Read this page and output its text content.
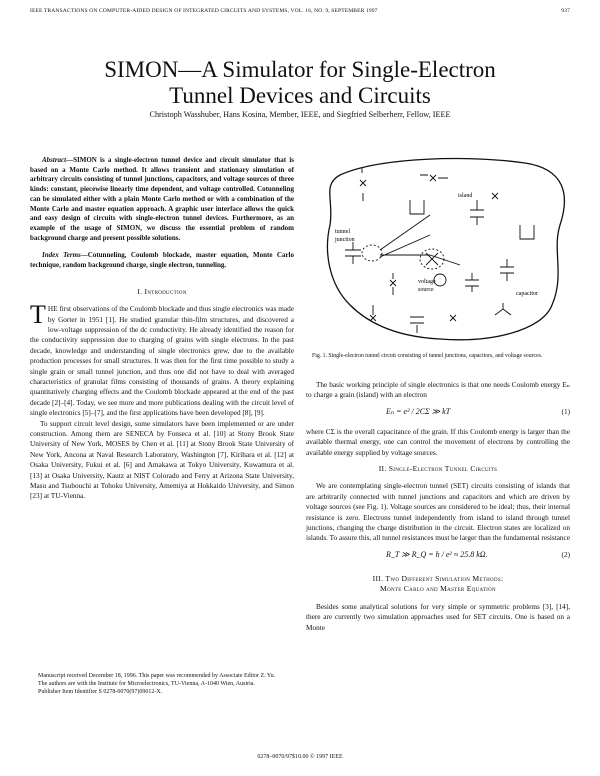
IEEE TRANSACTIONS ON COMPUTER-AIDED DESIGN OF INTEGRATED CIRCUITS AND SYSTEMS, VOL. 16, NO. 9, SEPTEMBER 1997	937
SIMON—A Simulator for Single-Electron
Tunnel Devices and Circuits
Christoph Wasshuber, Hans Kosina, Member, IEEE, and Siegfried Selberherr, Fellow, IEEE

Abstract—SIMON is a single-electron tunnel device and circuit simulator that is based on a Monte Carlo method. It allows transient and stationary simulation of arbitrary circuits consisting of tunnel junctions, capacitors, and voltage sources of three kinds: constant, piecewise linearly time dependent, and voltage controlled. Cotunneling can be simulated either with a plain Monte Carlo method or with a combination of the Monte Carlo and master equation approach. A graphic user interface allows the quick and easy design of circuits with single-electron tunnel devices. Furthermore, as an example of the usage of SIMON, we discuss the essential problem of random background charge and present possible solutions.

Index Terms—Cotunneling, Coulomb blockade, master equation, Monte Carlo technique, random background charge, single electron, tunneling.

I. Introduction

THE first observations of the Coulomb blockade and thus single electronics was made by Gorter in 1951 [1]. He studied granular thin-film structures, and discovered a low-voltage suppression of the dc conductivity. He already identified the reason for the conductivity suppression due to charging of grains with single electrons. In the past decade, knowledge and understanding of single electronics grew, due to the available production processes for small structures. It was then for the first time possible to study a single grain or small tunnel junction, and thus one did not have to deal with averaged characteristics of granular films consisting of thousands of grains. A theory explaining quantitatively charging effects and the Coulomb blockade appeared at the end of the past decade [2]–[4]. Today, we see more and more publications dealing with the circuit level of single electronics [5]–[7], and the first applications have been developed [8], [9].

To support circuit level design, some simulators have been implemented or are under construction. Among them are SENECA by Fonseca et al. [10] at Stony Brook State University of New York, MOSES by Chen et al. [11] at Stony Brook State University of New York, Ancona at Naval Research Laboratory, Washington [7], Kirihara et al. [12] at Osaka University, Fukui et al. [6] and Amakawa at Tokyo University, Kuwamura et al. [13] at Osaka University, Kautz at NIST Colorado and Ferry at Arizona State University, Masu and Tsubouchi at Tohoku University, Amemiya at Hokkaido University, and Simon [23] at TU-Vienna.

Manuscript received December 18, 1996. This paper was recommended by Associate Editor Z. Yu.

The authors are with the Institute for Microelectronics, TU-Vienna, A-1040 Wien, Austria.

Publisher Item Identifier S 0278-0070(97)09012-X.

island
tunnel
junction
voltage
source
capacitor
Fig. 1. Single-electron tunnel circuit consisting of tunnel junctions, capacitors, and voltage sources.

The basic working principle of single electronics is that one needs Coulomb energy Eₙ to charge a grain (island) with an electron

Eₙ = e² / 2CΣ ≫ kT	(1)

where CΣ is the overall capacitance of the grain. If this Coulomb energy is larger than the available thermal energy, one can control the movement of electrons by controlling the available energy supplied by voltage sources.

II. Single-Electron Tunnel Circuits

We are contemplating single-electron tunnel (SET) circuits consisting of islands that are arbitrarily connected with tunnel junctions and capacitors and which are driven by voltage sources (see Fig. 1). Voltage sources are considered to be ideal; thus, their internal resistance is zero. Electrons tunnel independently from island to island through tunnel junctions, changing the charge distribution in the circuit. Electron states are localized on islands. To assure this, all tunnel resistances must be larger than the fundamental resistance

R_T ≫ R_Q = h / e² ≈ 25.8 kΩ.	(2)
III. Two Different Simulation Methods:
Monte Carlo and Master Equation

Besides some analytical solutions for very simple or symmetric problems [3], [14], there are currently two simulation approaches used for SET circuits. One is based on a Monte

0278–0070/97$10.00 © 1997 IEEE
